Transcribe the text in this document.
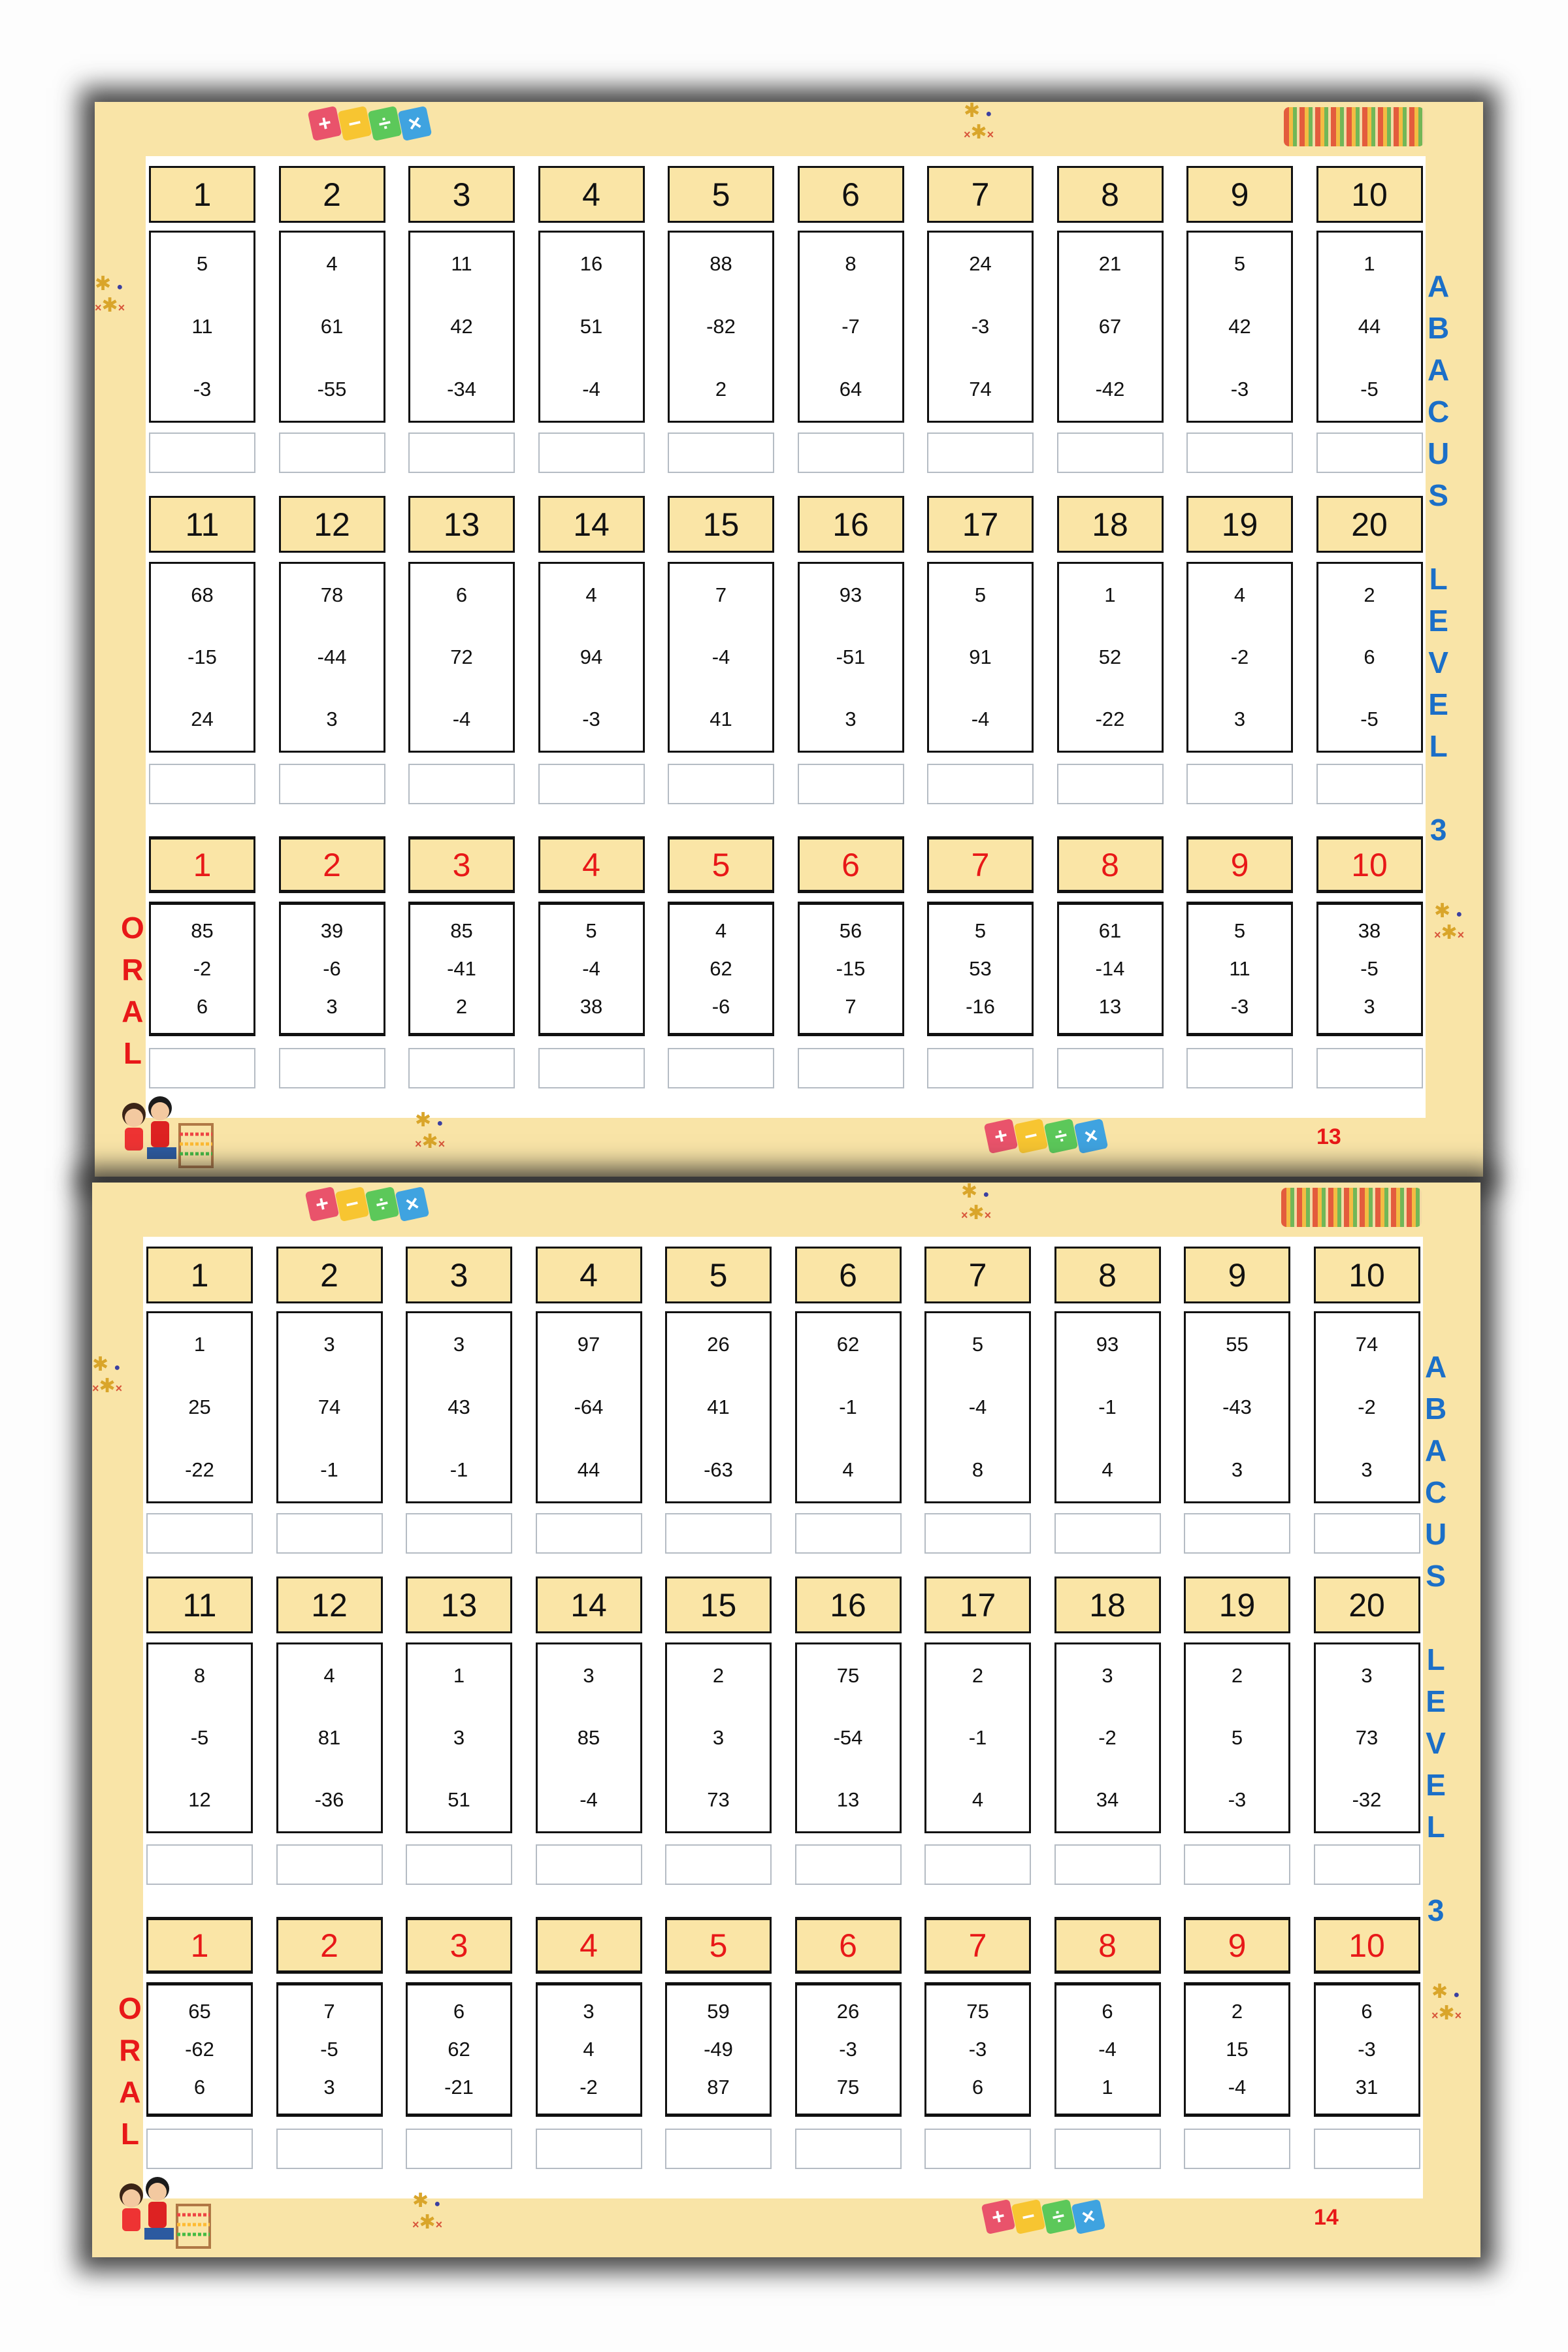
1
5
11
-3
2
4
61
-55
3
11
42
-34
4
16
51
-4
5
88
-82
2
6
8
-7
64
7
24
-3
74
8
21
67
-42
9
5
42
-3
10
1
44
-5
11
68
-15
24
12
78
-44
3
13
6
72
-4
14
4
94
-3
15
7
-4
41
16
93
-51
3
17
5
91
-4
18
1
52
-22
19
4
-2
3
20
2
6
-5
1
85
-2
6
2
39
-6
3
3
85
-41
2
4
5
-4
38
5
4
62
-6
6
56
-15
7
7
5
53
-16
8
61
-14
13
9
5
11
-3
10
38
-5
3
A
B
A
C
U
S
L
E
V
E
L
3
O
R
A
L
13
+ − ÷ ×
+ − ÷ ×
✱ ●
×✱×
✱ ●
×✱×
✱ ●
×✱×
✱ ●
×✱×
1
1
25
-22
2
3
74
-1
3
3
43
-1
4
97
-64
44
5
26
41
-63
6
62
-1
4
7
5
-4
8
8
93
-1
4
9
55
-43
3
10
74
-2
3
11
8
-5
12
12
4
81
-36
13
1
3
51
14
3
85
-4
15
2
3
73
16
75
-54
13
17
2
-1
4
18
3
-2
34
19
2
5
-3
20
3
73
-32
1
65
-62
6
2
7
-5
3
3
6
62
-21
4
3
4
-2
5
59
-49
87
6
26
-3
75
7
75
-3
6
8
6
-4
1
9
2
15
-4
10
6
-3
31
A
B
A
C
U
S
L
E
V
E
L
3
O
R
A
L
14
+ − ÷ ×
+ − ÷ ×
✱ ●
×✱×
✱ ●
×✱×
✱ ●
×✱×
✱ ●
×✱×
